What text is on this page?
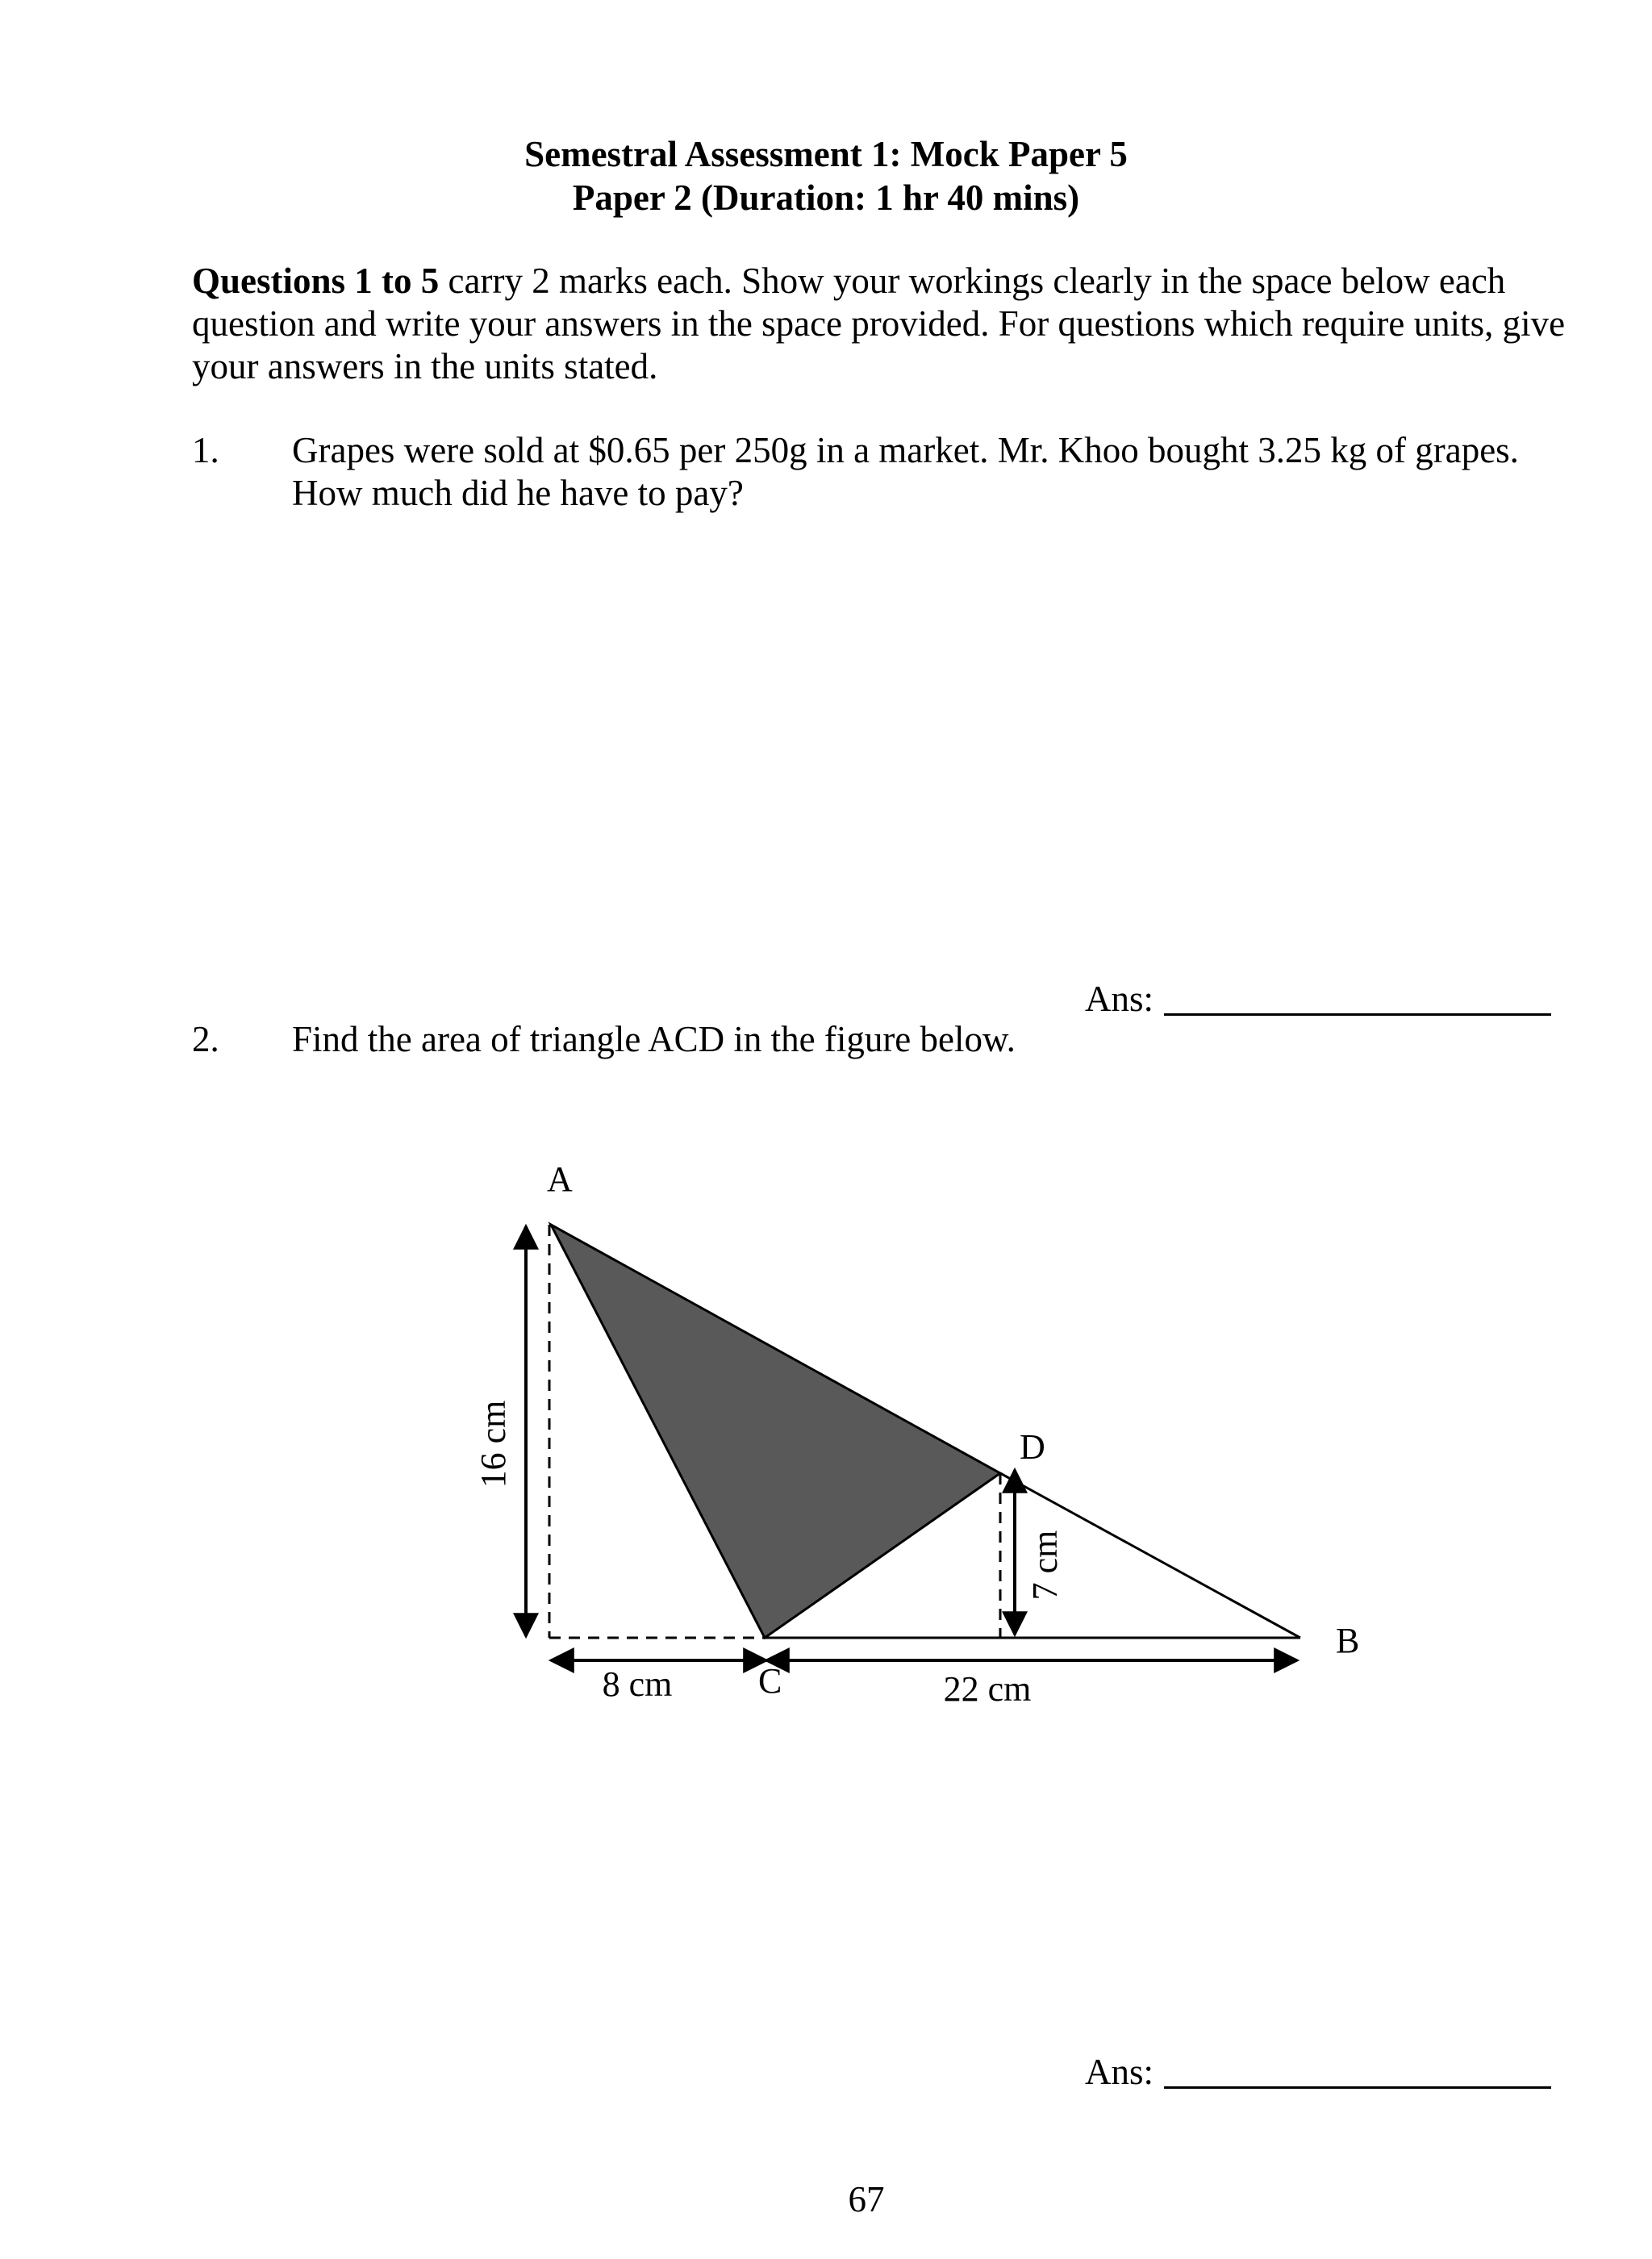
Semestral Assessment 1: Mock Paper 5
Paper 2 (Duration: 1 hr 40 mins)
Questions 1 to 5 carry 2 marks each. Show your workings clearly in the space below each question and write your answers in the space provided. For questions which require units, give your answers in the units stated.
1. Grapes were sold at $0.65 per 250g in a market. Mr. Khoo bought 3.25 kg of grapes. How much did he have to pay?
Ans:
2. Find the area of triangle ACD in the figure below.
A
B
C
D
16 cm
7 cm
8 cm	22 cm
Ans:
67
